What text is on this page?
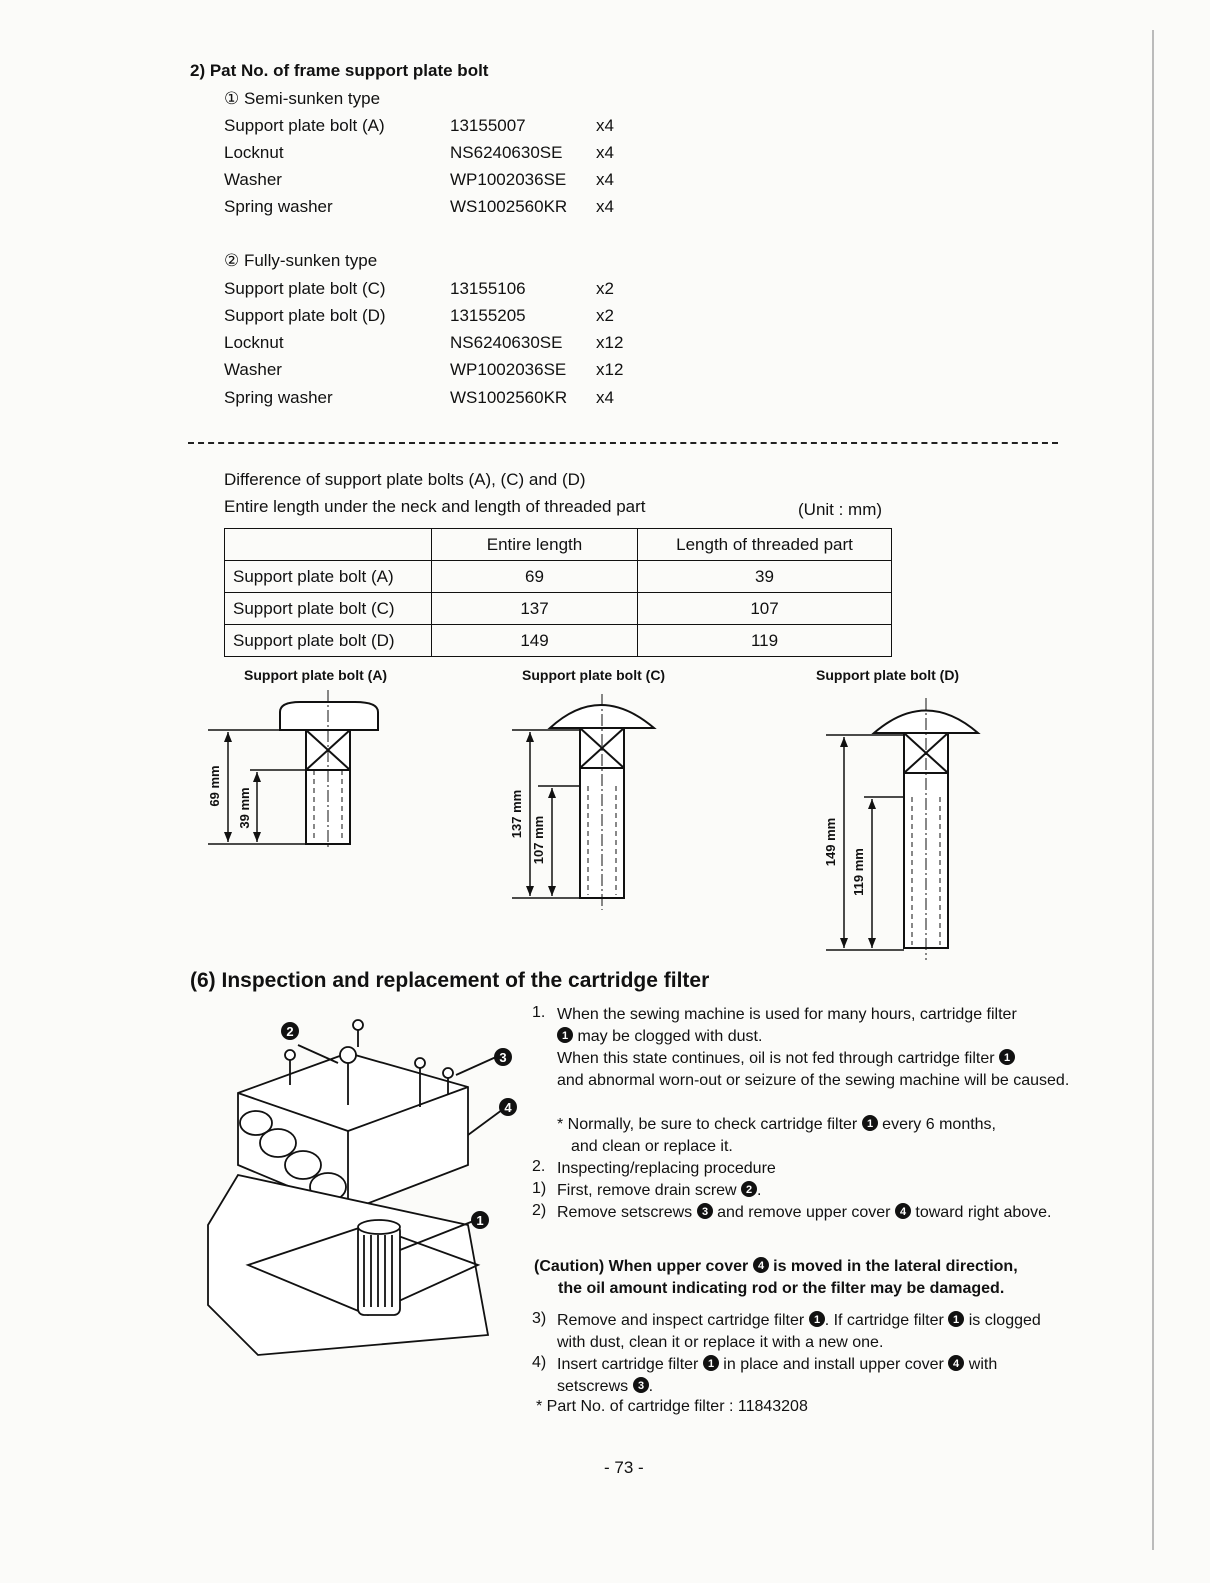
2) Pat No. of frame support plate bolt
① Semi-sunken type
Support plate bolt (A)	13155007	x4
Locknut	NS6240630SE x4
Washer	WP1002036SE x4
Spring washer	WS1002560KR x4
② Fully-sunken type
Support plate bolt (C)	13155106	x2
Support plate bolt (D)	13155205	x2
Locknut	NS6240630SE x12
Washer	WP1002036SE x12
Spring washer	WS1002560KR x4
Difference of support plate bolts (A), (C) and (D)
Entire length under the neck and length of threaded part	(Unit : mm)
	Entire length	Length of threaded part
Support plate bolt (A)	69	39
Support plate bolt (C)	137	107
Support plate bolt (D)	149	119
Support plate bolt (A)	Support plate bolt (C)	Support plate bolt (D)
69 mm
39 mm	137 mm
107 mm	149 mm
119 mm
(6) Inspection and replacement of the cartridge filter
2
3
4
1
1. When the sewing machine is used for many hours, cartridge filter

1 may be clogged with dust.
When this state continues, oil is not fed through cartridge filter 1

and abnormal worn-out or seizure of the sewing machine will be caused.
* Normally, be sure to check cartridge filter 1 every 6 months,
and clean or replace it.
2. Inspecting/replacing procedure
1) First, remove drain screw 2 .
2) Remove setscrews 3 and remove upper cover 4 toward right above.
(Caution) When upper cover 4 is moved in the lateral direction,
the oil amount indicating rod or the filter may be damaged.
3) Remove and inspect cartridge filter 1 . If cartridge filter 1 is clogged with dust, clean it or replace it with a new one.
4) Insert cartridge filter 1 in place and install upper cover 4 with setscrews 3 .
* Part No. of cartridge filter : 11843208
- 73 -
